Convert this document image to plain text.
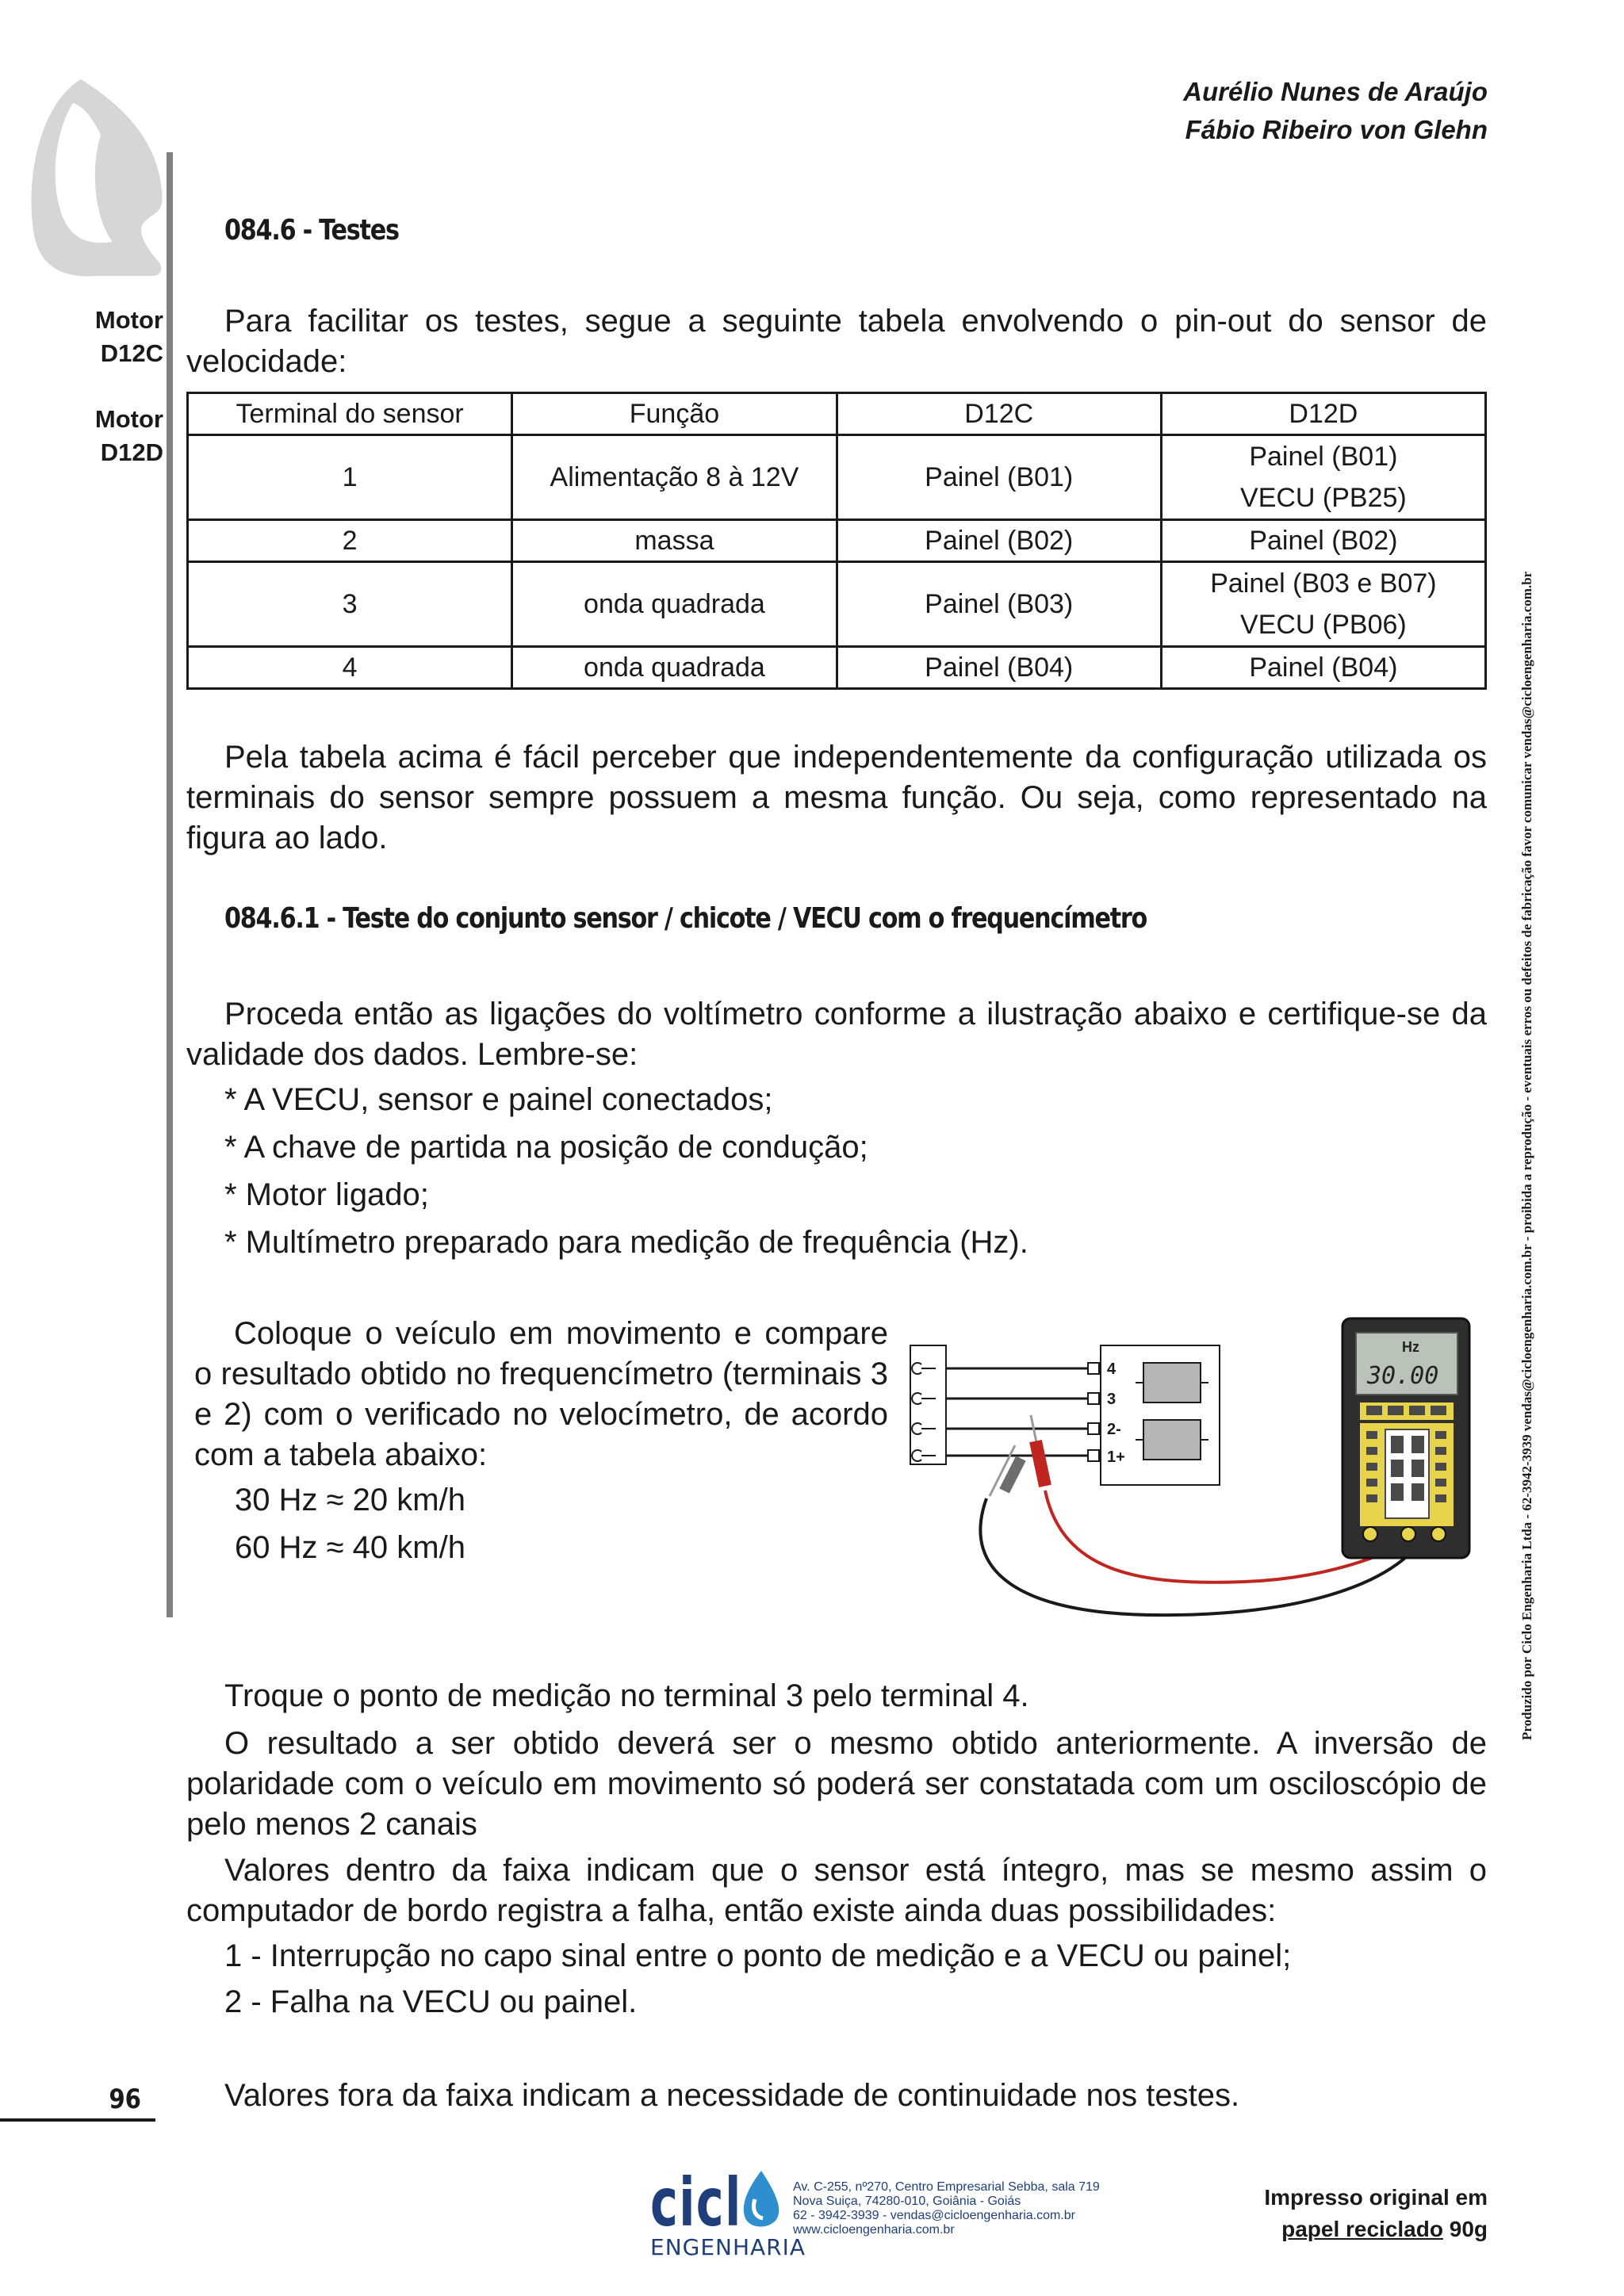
Aurélio Nunes de Araújo
Fábio Ribeiro von Glehn
Motor
D12C
Motor
D12D
084.6 - Testes
Para facilitar os testes, segue a seguinte tabela envolvendo o pin-out do sensor de velocidade:
Terminal do sensor	Função	D12C	D12D
1	Alimentação 8 à 12V	Painel (B01)	Painel (B01)
VECU (PB25)

2	massa	Painel (B02)	Painel (B02)
3	onda quadrada	Painel (B03)	Painel (B03 e B07)
VECU (PB06)

4	onda quadrada	Painel (B04)	Painel (B04)
Pela tabela acima é fácil perceber que independentemente da configuração utilizada os terminais do sensor sempre possuem a mesma função. Ou seja, como representado na figura ao lado.
084.6.1 - Teste do conjunto sensor / chicote / VECU com o frequencímetro
Proceda então as ligações do voltímetro conforme a ilustração abaixo e certifique-se da validade dos dados. Lembre-se:
* A VECU, sensor e painel conectados;
* A chave de partida na posição de condução;
* Motor ligado;
* Multímetro preparado para medição de frequência (Hz).
Coloque o veículo em movimento e compare o resultado obtido no frequencímetro (terminais 3 e 2) com o verificado no velocímetro, de acordo com a tabela abaixo:
30 Hz ≈ 20 km/h
60 Hz ≈ 40 km/h
4
3
2-
1+
Hz
30.00
Troque o ponto de medição no terminal 3 pelo terminal 4.
O resultado a ser obtido deverá ser o mesmo obtido anteriormente. A inversão de polaridade com o veículo em movimento só poderá ser constatada com um osciloscópio de pelo menos 2 canais
Valores dentro da faixa indicam que o sensor está íntegro, mas se mesmo assim o computador de bordo registra a falha, então existe ainda duas possibilidades:
1 - Interrupção no capo sinal entre o ponto de medição e a VECU ou painel;
2 - Falha na VECU ou painel.
Valores fora da faixa indicam a necessidade de continuidade nos testes.
Produzido por Ciclo Engenharia Ltda - 62-3942-3939 vendas@cicloengenharia.com.br - proibida a reprodução - eventuais erros ou defeitos de fabricação favor comunicar vendas@cicloengenharia.com.br
96
cicl
ENGENHARIA
Av. C-255, nº270, Centro Empresarial Sebba, sala 719
Nova Suiça, 74280-010, Goiânia - Goiás
62 - 3942-3939 - vendas@cicloengenharia.com.br
www.cicloengenharia.com.br
Impresso original em
papel reciclado 90g
